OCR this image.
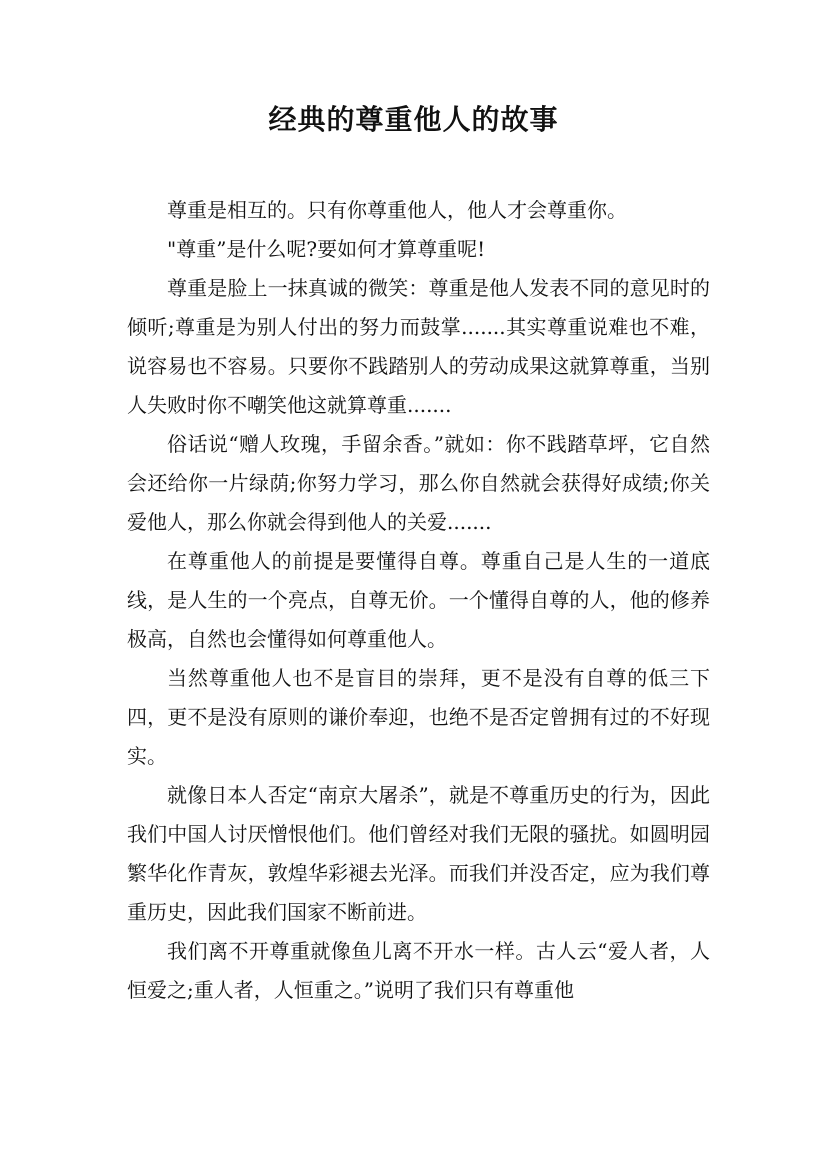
经典的尊重他人的故事

尊重是相互的。只有你尊重他人，他人才会尊重你。

"尊重”是什么呢?要如何才算尊重呢!

尊重是脸上一抹真诚的微笑：尊重是他人发表不同的意见时的倾听;尊重是为别人付出的努力而鼓掌.......其实尊重说难也不难，说容易也不容易。只要你不践踏别人的劳动成果这就算尊重，当别人失败时你不嘲笑他这就算尊重.......

俗话说“赠人玫瑰，手留余香。”就如：你不践踏草坪，它自然会还给你一片绿荫;你努力学习，那么你自然就会获得好成绩;你关爱他人，那么你就会得到他人的关爱.......

在尊重他人的前提是要懂得自尊。尊重自己是人生的一道底线，是人生的一个亮点，自尊无价。一个懂得自尊的人，他的修养极高，自然也会懂得如何尊重他人。

当然尊重他人也不是盲目的崇拜，更不是没有自尊的低三下四，更不是没有原则的谦价奉迎，也绝不是否定曾拥有过的不好现实。

就像日本人否定“南京大屠杀”，就是不尊重历史的行为，因此我们中国人讨厌憎恨他们。他们曾经对我们无限的骚扰。如圆明园繁华化作青灰，敦煌华彩褪去光泽。而我们并没否定，应为我们尊重历史，因此我们国家不断前进。

我们离不开尊重就像鱼儿离不开水一样。古人云“爱人者，人恒爱之;重人者，人恒重之。”说明了我们只有尊重他
